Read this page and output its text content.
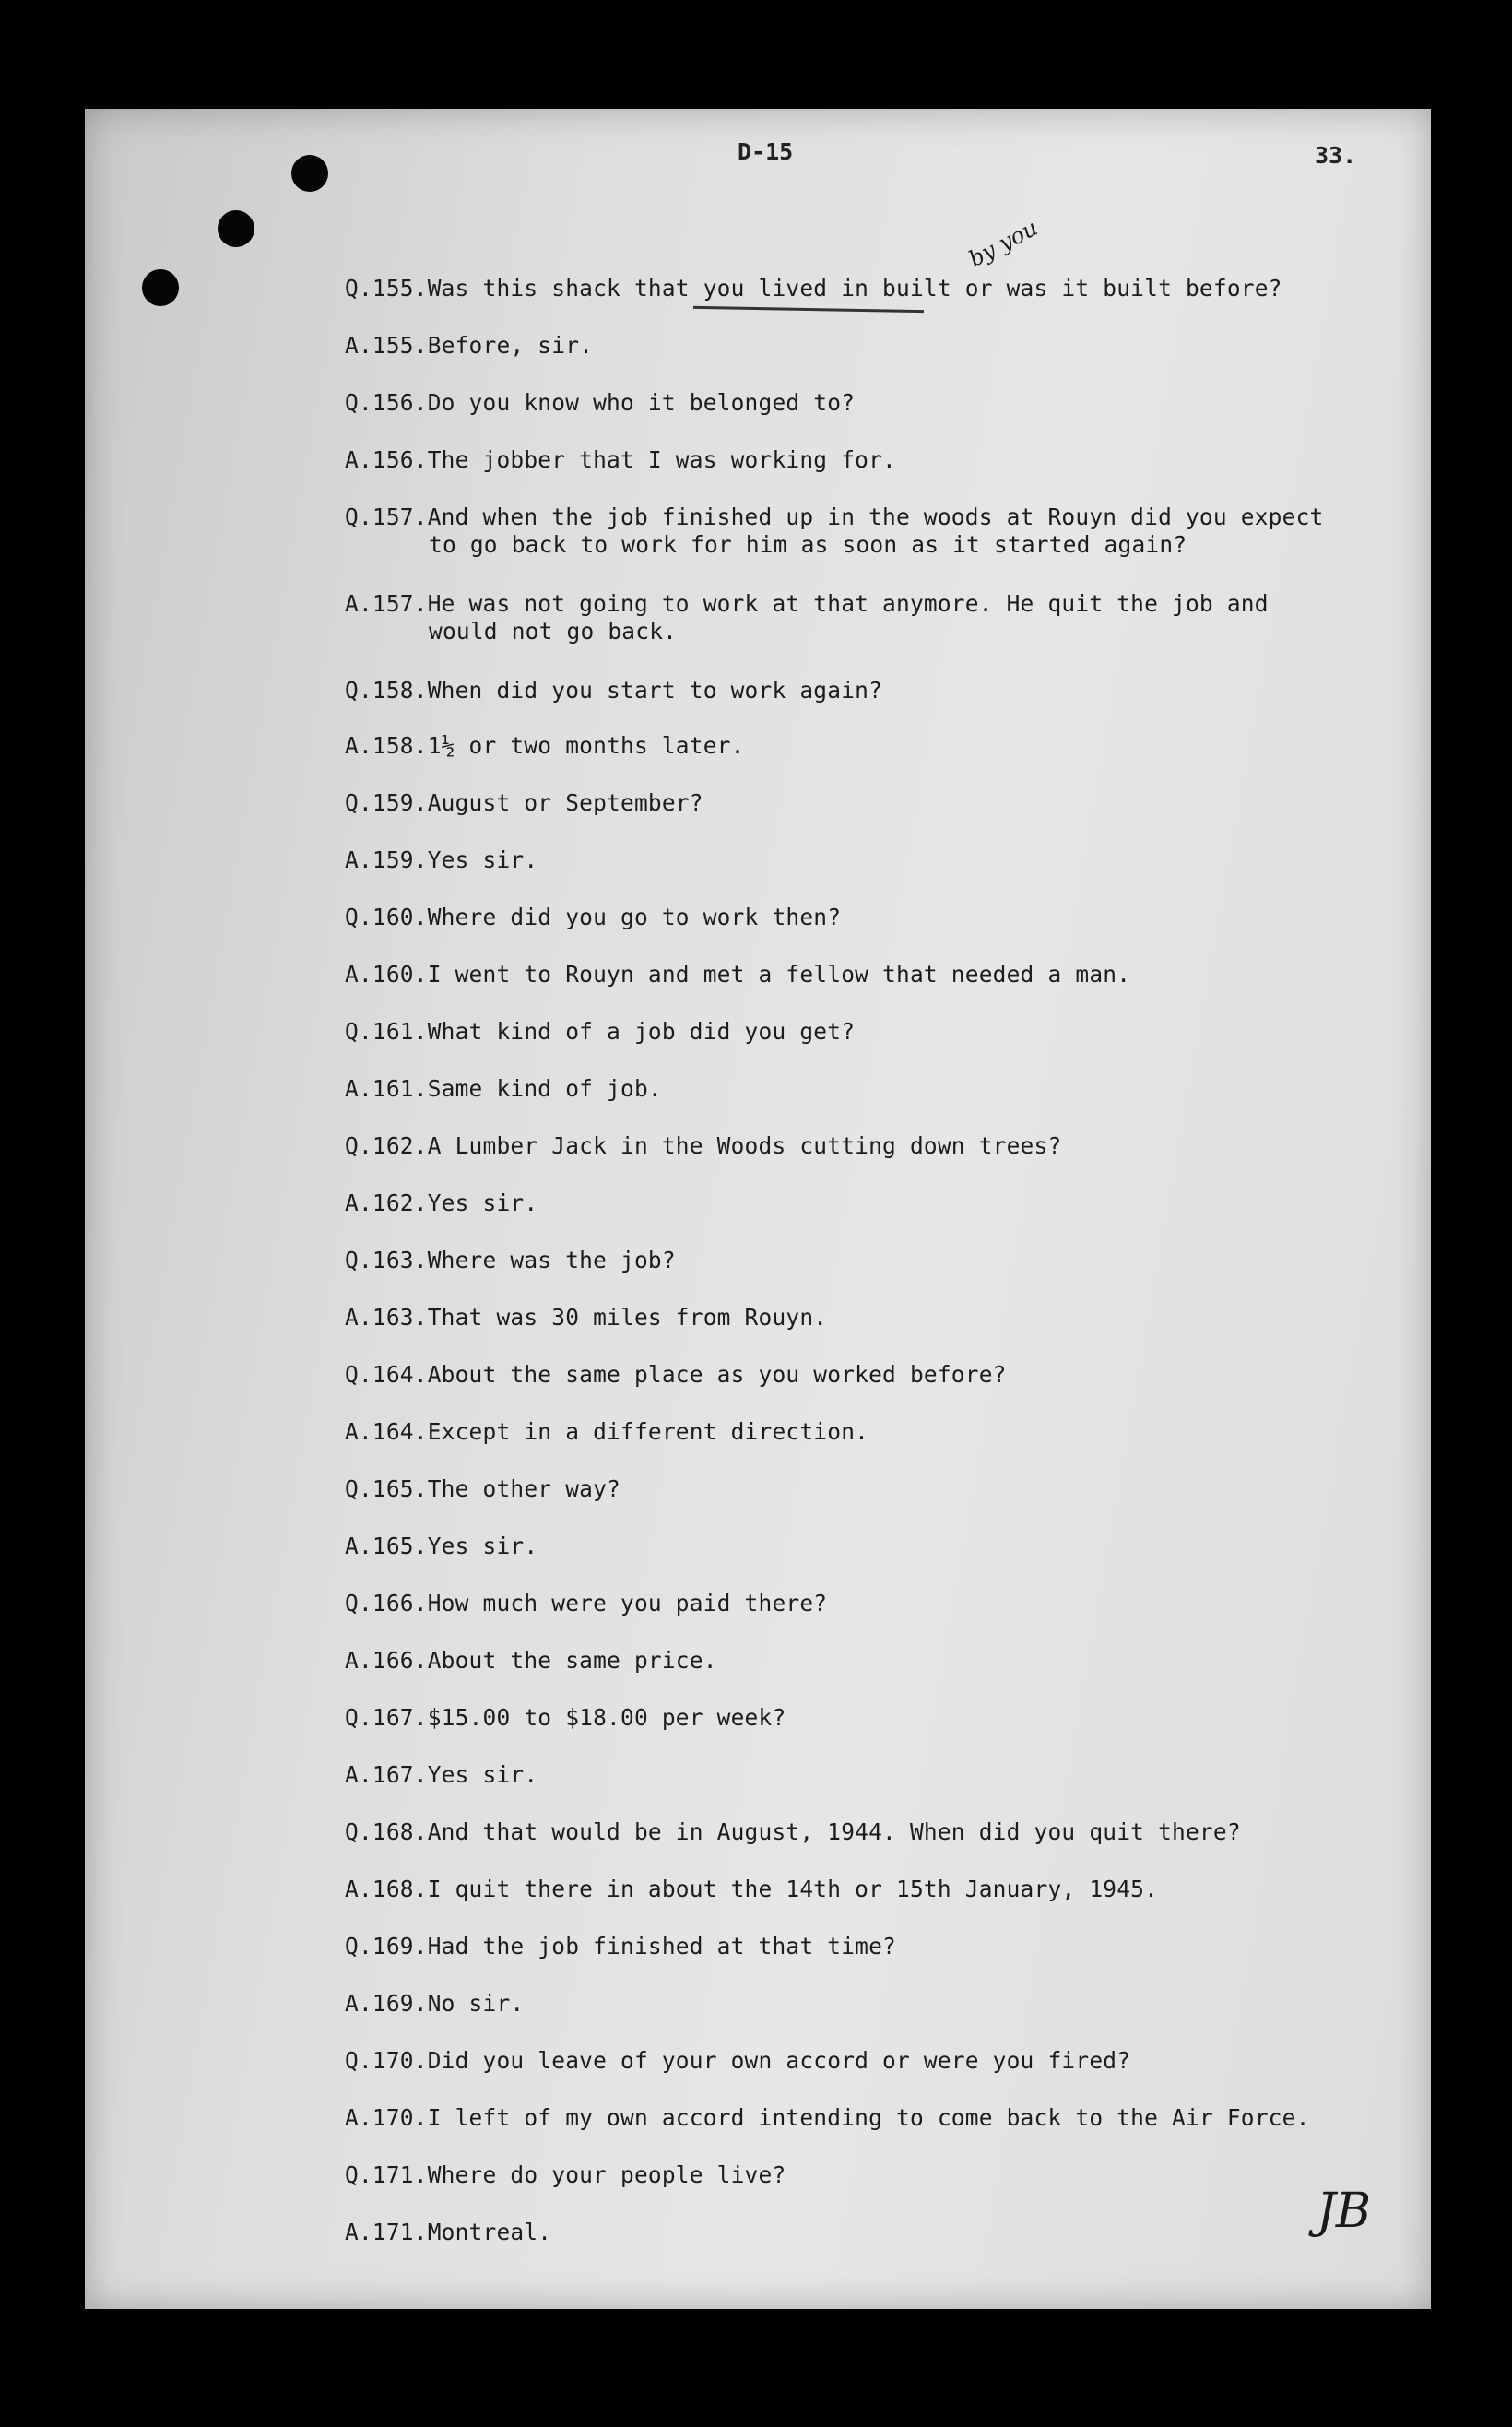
D-15	33.
by you
Q.155.Was this shack that you lived in built or was it built before?
A.155.Before, sir.
Q.156.Do you know who it belonged to?
A.156.The jobber that I was working for.
Q.157.And when the job finished up in the woods at Rouyn did you expect
to go back to work for him as soon as it started again?
A.157.He was not going to work at that anymore. He quit the job and
would not go back.
Q.158.When did you start to work again?
A.158.1½ or two months later.
Q.159.August or September?
A.159.Yes sir.
Q.160.Where did you go to work then?
A.160.I went to Rouyn and met a fellow that needed a man.
Q.161.What kind of a job did you get?
A.161.Same kind of job.
Q.162.A Lumber Jack in the Woods cutting down trees?
A.162.Yes sir.
Q.163.Where was the job?
A.163.That was 30 miles from Rouyn.
Q.164.About the same place as you worked before?
A.164.Except in a different direction.
Q.165.The other way?
A.165.Yes sir.
Q.166.How much were you paid there?
A.166.About the same price.
Q.167.$15.00 to $18.00 per week?
A.167.Yes sir.
Q.168.And that would be in August, 1944. When did you quit there?
A.168.I quit there in about the 14th or 15th January, 1945.
Q.169.Had the job finished at that time?
A.169.No sir.
Q.170.Did you leave of your own accord or were you fired?
A.170.I left of my own accord intending to come back to the Air Force.
Q.171.Where do your people live?
A.171.Montreal.	JB
